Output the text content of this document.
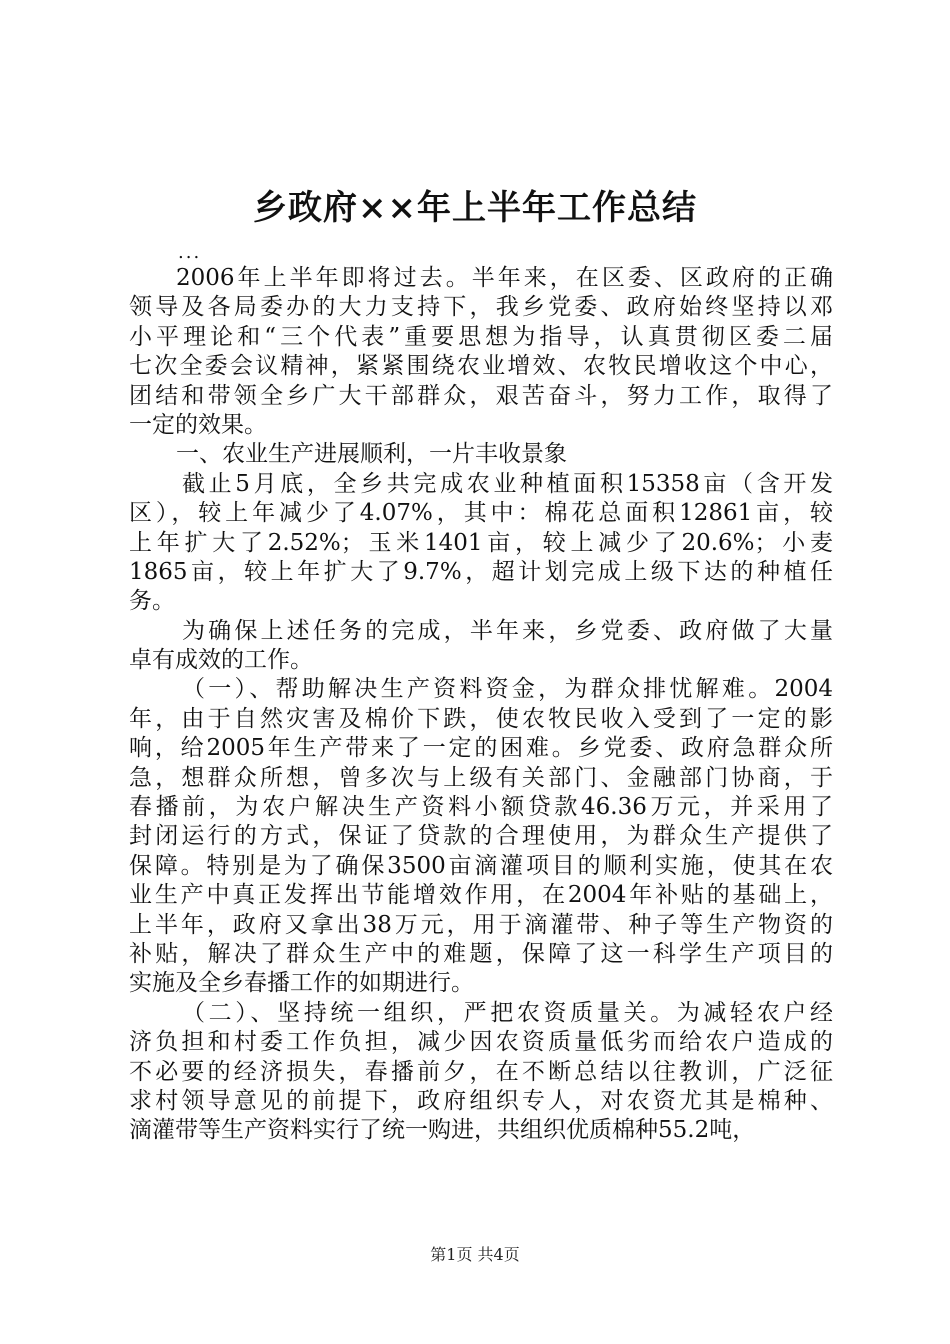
乡政府××年上半年工作总结
...
2006年上半年即将过去。半年来，在区委、区政府的正确
领导及各局委办的大力支持下，我乡党委、政府始终坚持以邓
小平理论和“三个代表”重要思想为指导，认真贯彻区委二届
七次全委会议精神，紧紧围绕农业增效、农牧民增收这个中心，
团结和带领全乡广大干部群众，艰苦奋斗，努力工作，取得了
一定的效果。
一、农业生产进展顺利，一片丰收景象
截止5月底，全乡共完成农业种植面积15358亩（含开发
区），较上年减少了4.07%，其中：棉花总面积12861亩，较
上年扩大了2.52%；玉米1401亩，较上减少了20.6%；小麦
1865亩，较上年扩大了9.7%，超计划完成上级下达的种植任
务。
为确保上述任务的完成，半年来，乡党委、政府做了大量
卓有成效的工作。
（一）、帮助解决生产资料资金，为群众排忧解难。2004
年，由于自然灾害及棉价下跌，使农牧民收入受到了一定的影
响，给2005年生产带来了一定的困难。乡党委、政府急群众所
急，想群众所想，曾多次与上级有关部门、金融部门协商，于
春播前，为农户解决生产资料小额贷款46.36万元，并采用了
封闭运行的方式，保证了贷款的合理使用，为群众生产提供了
保障。特别是为了确保3500亩滴灌项目的顺利实施，使其在农
业生产中真正发挥出节能增效作用，在2004年补贴的基础上，
上半年，政府又拿出38万元，用于滴灌带、种子等生产物资的
补贴，解决了群众生产中的难题，保障了这一科学生产项目的
实施及全乡春播工作的如期进行。
（二）、坚持统一组织，严把农资质量关。为减轻农户经
济负担和村委工作负担，减少因农资质量低劣而给农户造成的
不必要的经济损失，春播前夕，在不断总结以往教训，广泛征
求村领导意见的前提下，政府组织专人，对农资尤其是棉种、
滴灌带等生产资料实行了统一购进，共组织优质棉种55.2吨，
第1页 共4页
